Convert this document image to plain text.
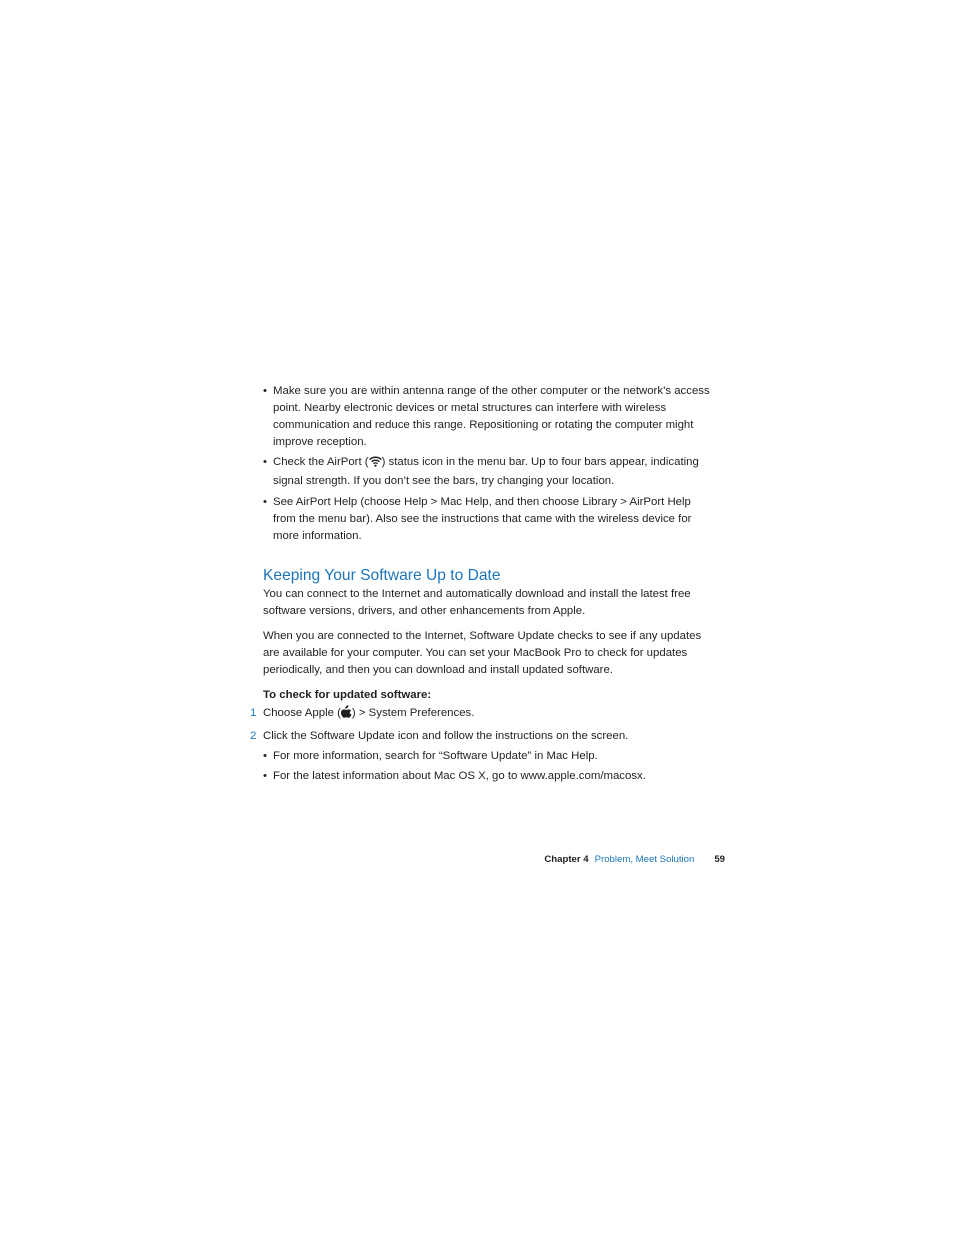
• Make sure you are within antenna range of the other computer or the network’s access point. Nearby electronic devices or metal structures can interfere with wireless communication and reduce this range. Repositioning or rotating the computer might improve reception.
• Check the AirPort ( ) status icon in the menu bar. Up to four bars appear, indicating signal strength. If you don’t see the bars, try changing your location.
• See AirPort Help (choose Help > Mac Help, and then choose Library > AirPort Help from the menu bar). Also see the instructions that came with the wireless device for more information.
Keeping Your Software Up to Date

You can connect to the Internet and automatically download and install the latest free software versions, drivers, and other enhancements from Apple.

When you are connected to the Internet, Software Update checks to see if any updates are available for your computer. You can set your MacBook Pro to check for updates periodically, and then you can download and install updated software.

To check for updated software:
1 Choose Apple ( ) > System Preferences.
2 Click the Software Update icon and follow the instructions on the screen.
• For more information, search for “Software Update” in Mac Help.
• For the latest information about Mac OS X, go to www.apple.com/macosx.
Chapter 4 Problem, Meet Solution 59
